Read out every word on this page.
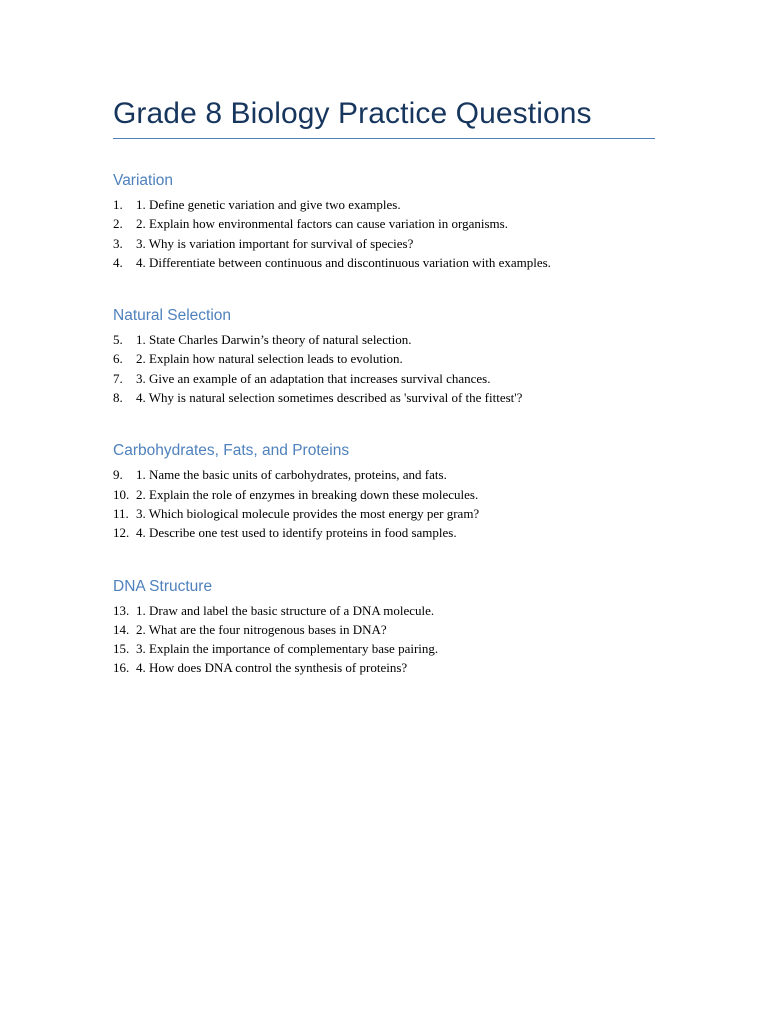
Grade 8 Biology Practice Questions
Variation
1.	1. Define genetic variation and give two examples.
2.	2. Explain how environmental factors can cause variation in organisms.
3.	3. Why is variation important for survival of species?
4.	4. Differentiate between continuous and discontinuous variation with examples.
Natural Selection
5.	1. State Charles Darwin’s theory of natural selection.
6.	2. Explain how natural selection leads to evolution.
7.	3. Give an example of an adaptation that increases survival chances.
8.	4. Why is natural selection sometimes described as 'survival of the fittest'?
Carbohydrates, Fats, and Proteins
9.	1. Name the basic units of carbohydrates, proteins, and fats.
10. 2. Explain the role of enzymes in breaking down these molecules.
11. 3. Which biological molecule provides the most energy per gram?
12. 4. Describe one test used to identify proteins in food samples.
DNA Structure
13. 1. Draw and label the basic structure of a DNA molecule.
14. 2. What are the four nitrogenous bases in DNA?
15. 3. Explain the importance of complementary base pairing.
16. 4. How does DNA control the synthesis of proteins?
